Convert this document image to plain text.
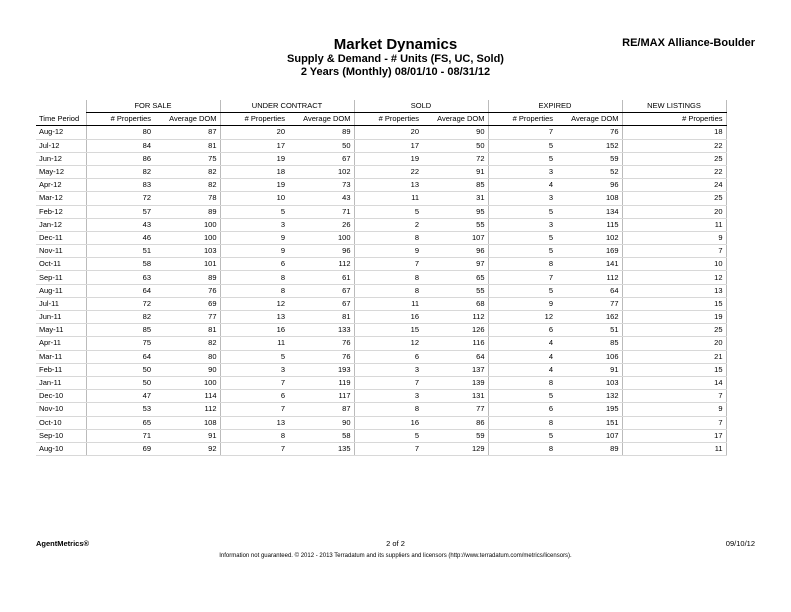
Market Dynamics	RE/MAX Alliance-Boulder
Supply & Demand - # Units (FS, UC, Sold)
2 Years (Monthly) 08/01/10 - 08/31/12
	FOR SALE		UNDER CONTRACT		SOLD		EXPIRED		NEW LISTINGS
Time Period	# Properties	Average DOM	# Properties	Average DOM	# Properties	Average DOM	# Properties	Average DOM	# Properties
Aug-12	80	87	20	89	20	90	7	76	18
Jul-12	84	81	17	50	17	50	5	152	22
Jun-12	86	75	19	67	19	72	5	59	25
May-12	82	82	18	102	22	91	3	52	22
Apr-12	83	82	19	73	13	85	4	96	24
Mar-12	72	78	10	43	11	31	3	108	25
Feb-12	57	89	5	71	5	95	5	134	20
Jan-12	43	100	3	26	2	55	3	115	11
Dec-11	46	100	9	100	8	107	5	102	9
Nov-11	51	103	9	96	9	96	5	169	7
Oct-11	58	101	6	112	7	97	8	141	10
Sep-11	63	89	8	61	8	65	7	112	12
Aug-11	64	76	8	67	8	55	5	64	13
Jul-11	72	69	12	67	11	68	9	77	15
Jun-11	82	77	13	81	16	112	12	162	19
May-11	85	81	16	133	15	126	6	51	25
Apr-11	75	82	11	76	12	116	4	85	20
Mar-11	64	80	5	76	6	64	4	106	21
Feb-11	50	90	3	193	3	137	4	91	15
Jan-11	50	100	7	119	7	139	8	103	14
Dec-10	47	114	6	117	3	131	5	132	7
Nov-10	53	112	7	87	8	77	6	195	9
Oct-10	65	108	13	90	16	86	8	151	7
Sep-10	71	91	8	58	5	59	5	107	17
Aug-10	69	92	7	135	7	129	8	89	11
AgentMetrics®	2 of 2	09/10/12
Information not guaranteed. © 2012 - 2013 Terradatum and its suppliers and licensors (http://www.terradatum.com/metrics/licensors).
